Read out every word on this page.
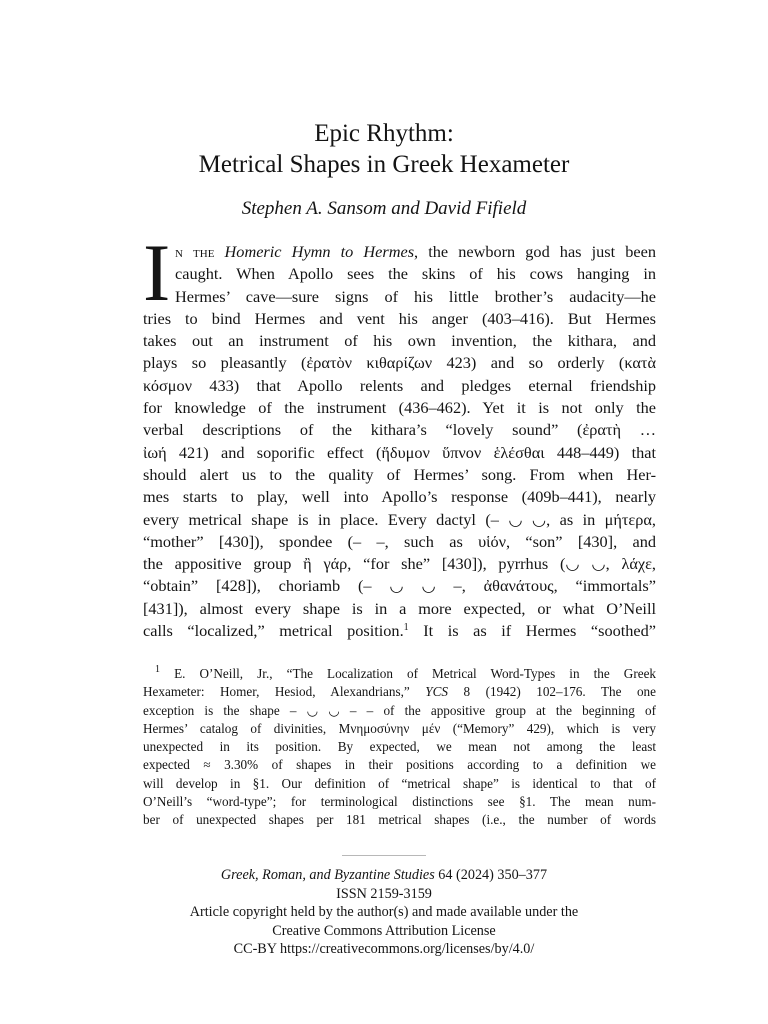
Epic Rhythm:
Metrical Shapes in Greek Hexameter
Stephen A. Sansom and David Fifield
I n the Homeric Hymn to Hermes, the newborn god has just been
caught. When Apollo sees the skins of his cows hanging in
Hermes’ cave—sure signs of his little brother’s audacity—he
tries to bind Hermes and vent his anger (403–416). But Hermes
takes out an instrument of his own invention, the kithara, and
plays so pleasantly (ἐρατὸν κιθαρίζων 423) and so orderly (κατὰ
κόσμον 433) that Apollo relents and pledges eternal friendship
for knowledge of the instrument (436–462). Yet it is not only the
verbal descriptions of the kithara’s “lovely sound” (ἐρατὴ …
ἰωή 421) and soporific effect (ἥδυμον ὕπνον ἑλέσθαι 448–449) that
should alert us to the quality of Hermes’ song. From when Her-
mes starts to play, well into Apollo’s response (409b–441), nearly
every metrical shape is in place. Every dactyl (– ◡ ◡, as in μήτερα,
“mother” [430]), spondee (– –, such as υἱόν, “son” [430], and
the appositive group ἢ γάρ, “for she” [430]), pyrrhus (◡ ◡, λάχε,
“obtain” [428]), choriamb (– ◡ ◡ –, ἀθανάτους, “immortals”
[431]), almost every shape is in a more expected, or what O’Neill
calls “localized,” metrical position.$^1$ It is as if Hermes “soothed”
$^1$ E. O’Neill, Jr., “The Localization of Metrical Word-Types in the Greek
Hexameter: Homer, Hesiod, Alexandrians,” YCS 8 (1942) 102–176. The one
exception is the shape – ◡ ◡ – – of the appositive group at the beginning of
Hermes’ catalog of divinities, Μνημοσύνην μέν (“Memory” 429), which is very
unexpected in its position. By expected, we mean not among the least
expected ≈ 3.30% of shapes in their positions according to a definition we
will develop in §1. Our definition of “metrical shape” is identical to that of
O’Neill’s “word-type”; for terminological distinctions see §1. The mean num-
ber of unexpected shapes per 181 metrical shapes (i.e., the number of words
Greek, Roman, and Byzantine Studies 64 (2024) 350–377
ISSN 2159-3159
Article copyright held by the author(s) and made available under the
Creative Commons Attribution License
CC-BY https://creativecommons.org/licenses/by/4.0/
